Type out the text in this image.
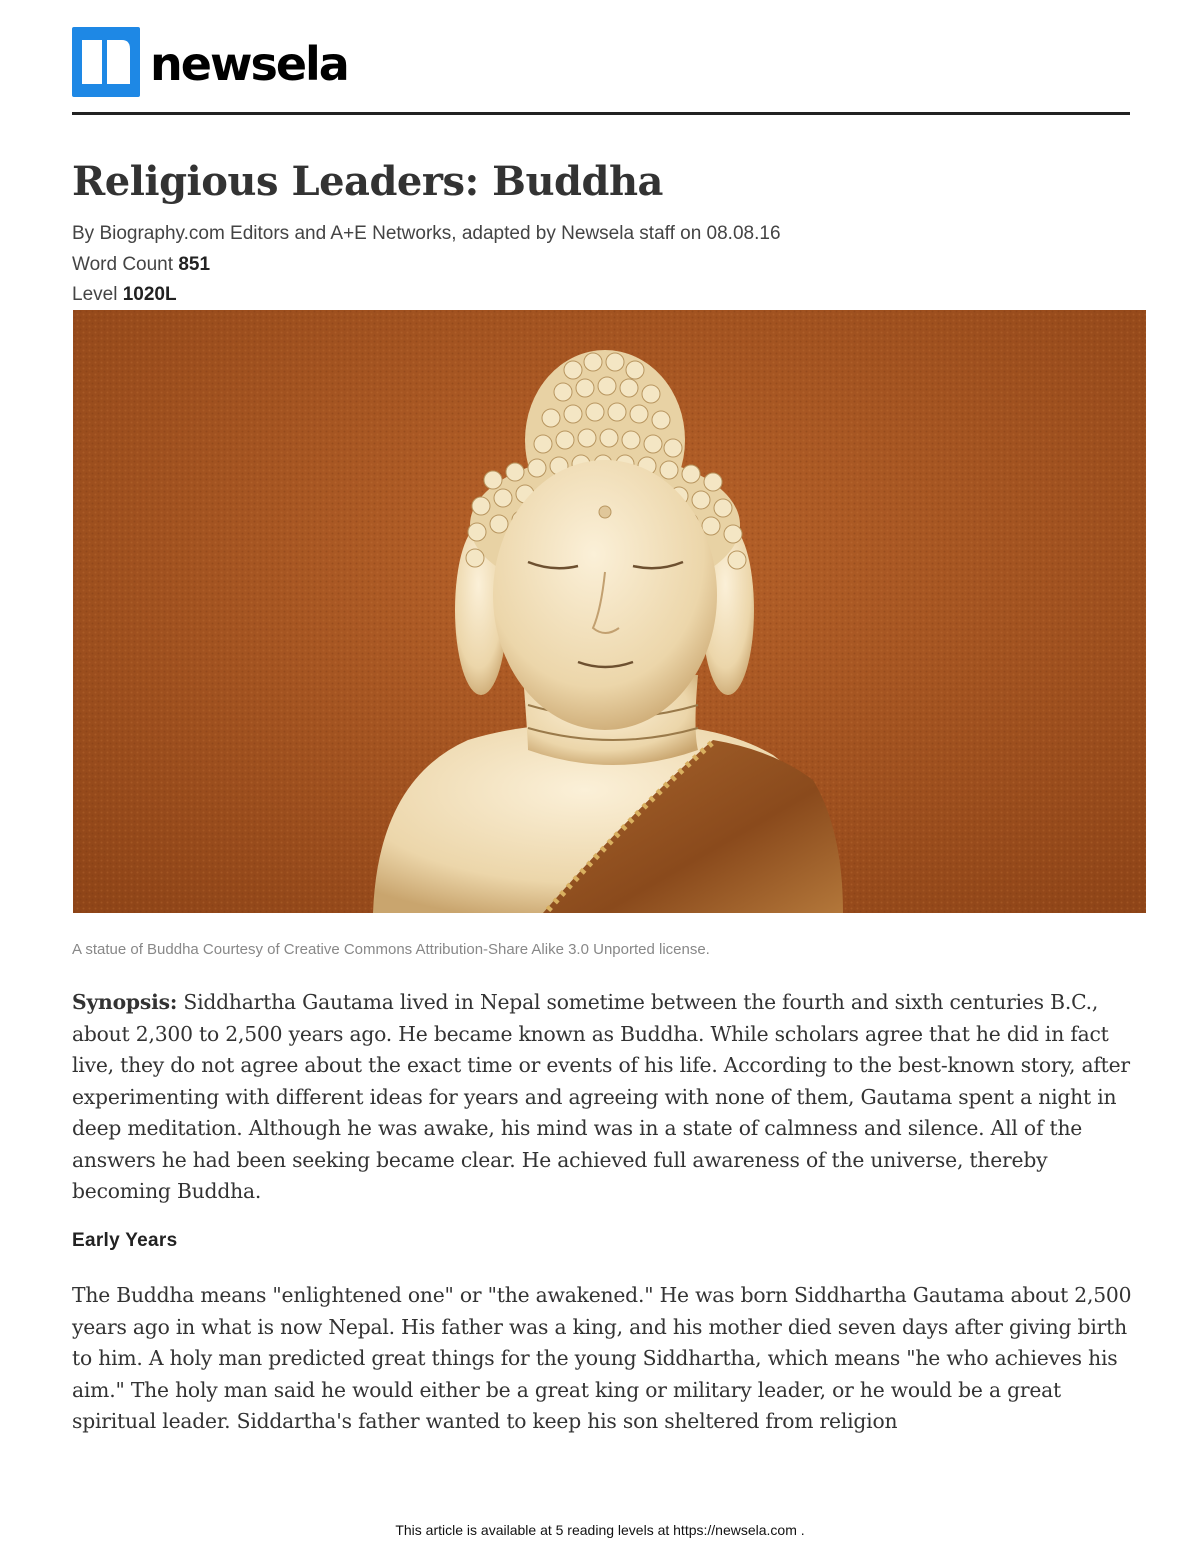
newsela
Religious Leaders: Buddha
By Biography.com Editors and A+E Networks, adapted by Newsela staff on 08.08.16
Word Count 851
Level 1020L
A statue of Buddha Courtesy of Creative Commons Attribution-Share Alike 3.0 Unported license.

Synopsis: Siddhartha Gautama lived in Nepal sometime between the fourth and sixth centuries B.C., about 2,300 to 2,500 years ago. He became known as Buddha. While scholars agree that he did in fact live, they do not agree about the exact time or events of his life. According to the best-known story, after experimenting with different ideas for years and agreeing with none of them, Gautama spent a night in deep meditation. Although he was awake, his mind was in a state of calmness and silence. All of the answers he had been seeking became clear. He achieved full awareness of the universe, thereby becoming Buddha.

Early Years

The Buddha means "enlightened one" or "the awakened." He was born Siddhartha Gautama about 2,500 years ago in what is now Nepal. His father was a king, and his mother died seven days after giving birth to him. A holy man predicted great things for the young Siddhartha, which means "he who achieves his aim." The holy man said he would either be a great king or military leader, or he would be a great spiritual leader. Siddartha's father wanted to keep his son sheltered from religion

This article is available at 5 reading levels at https://newsela.com .
